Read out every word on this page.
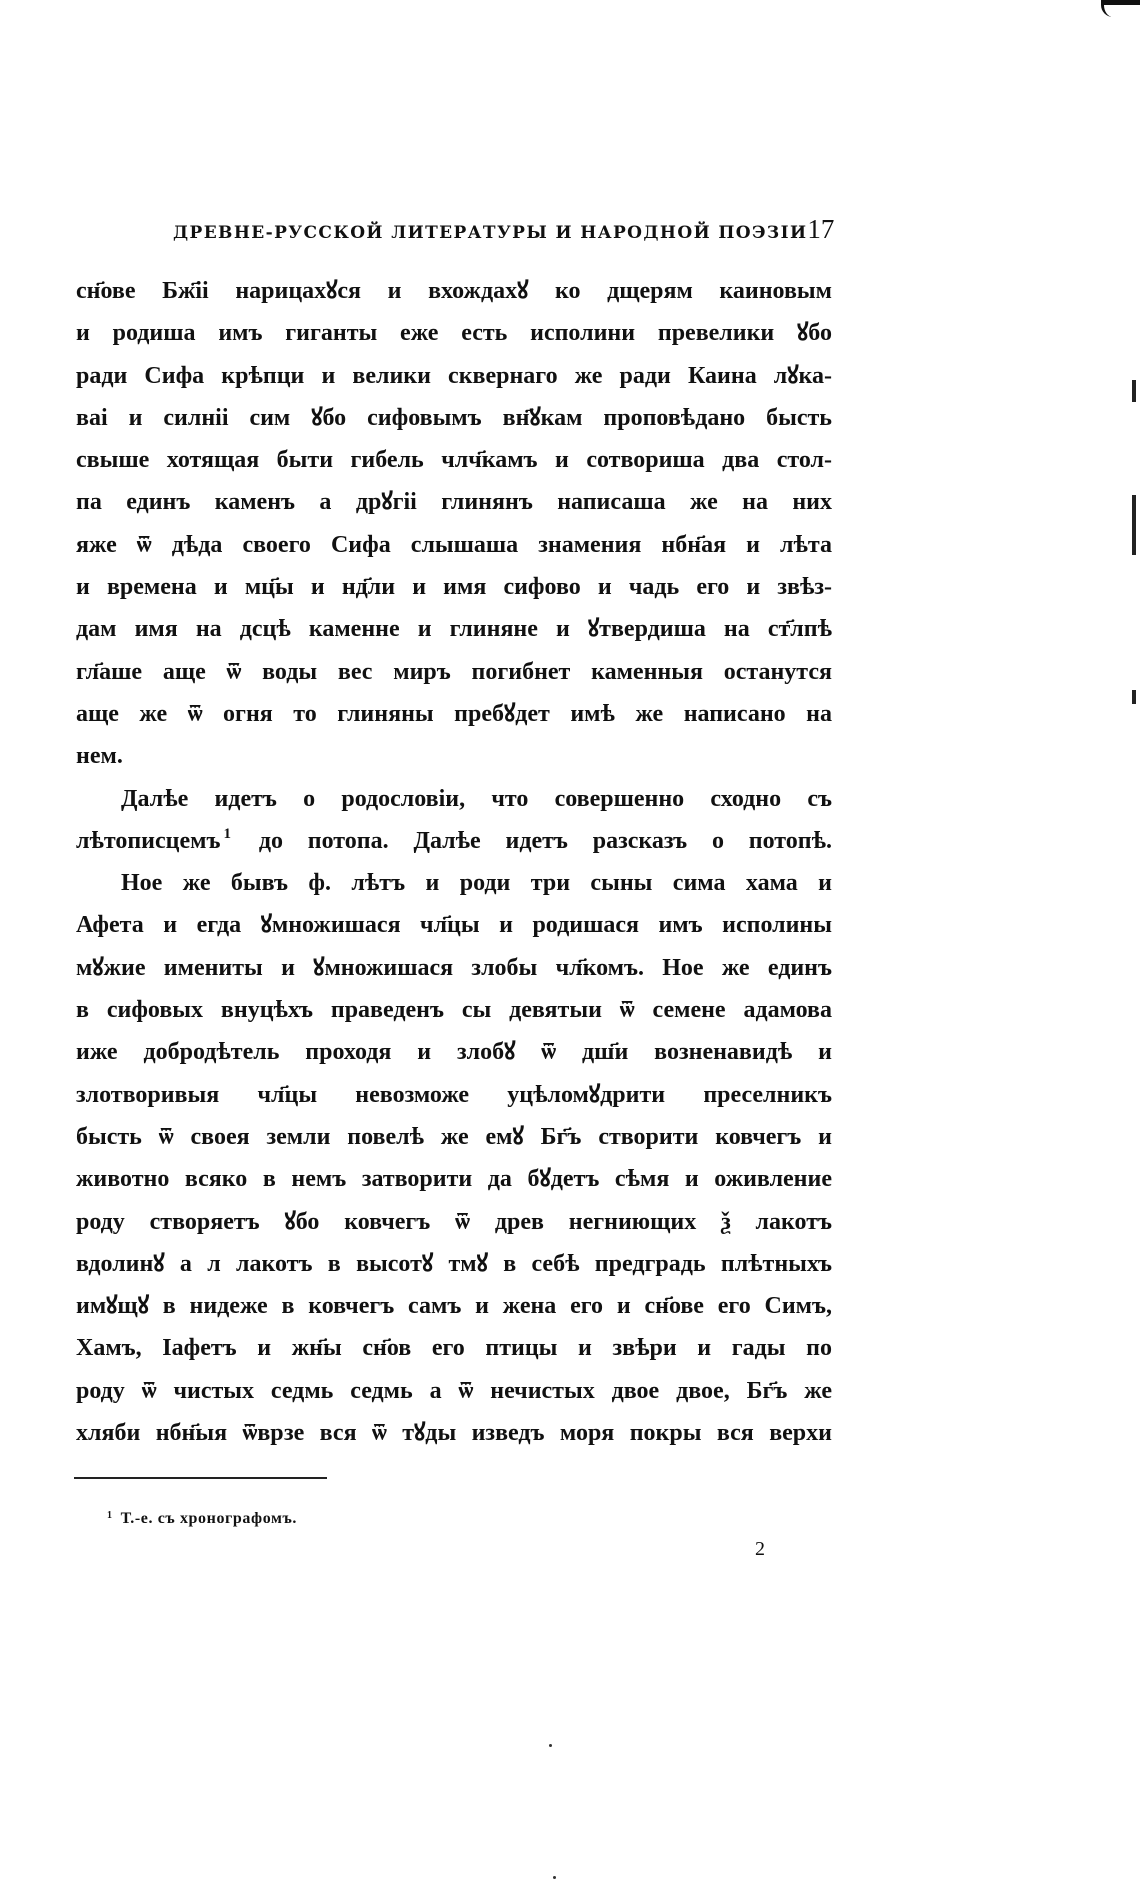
ДРЕВНЕ-РУССКОЙ ЛИТЕРАТУРЫ И НАРОДНОЙ ПОЭЗІИ 17
сн҃ове Бж҃іі нарицахꙋся и вхождахꙋ ко дщерям каиновым
и родиша имъ гиганты еже есть исполини превелики ꙋбо
ради Сифа крѣпци и велики сквернаго же ради Каина лꙋка-
ваі и силніі сим ꙋбо сифовымъ вн҃ꙋкам проповѣдано бысть
свыше хотящая быти гибель члч҃камъ и сотвориша два стол-
па единъ каменъ а дрꙋгіі глинянъ написаша же на них
яже ѿ дѣда своего Сифа слышаша знамения нбн҃ая и лѣта
и времена и мц҃ы и нд҃ли и имя сифово и чадь его и звѣз-
дам имя на дсцѣ каменне и глиняне и ꙋтвердиша на ст҃лпѣ
гл҃аше аще ѿ воды вес миръ погибнет каменныя останутся
аще же ѿ огня то глиняны пребꙋдет имѣ же написано на
нем.
Далѣе идетъ о родословіи, что совершенно сходно съ
лѣтописцемъ $^1$ до потопа. Далѣе идетъ разсказъ о потопѣ.
Ное же бывъ ф. лѣтъ и роди три сыны сима хама и
Афета и егда ꙋмножишася чл҃цы и родишася имъ исполины
мꙋжие имениты и ꙋмножишася злобы чл҃комъ. Ное же единъ
в сифовых внуцѣхъ праведенъ сы девятыи ѿ семене адамова
иже добродѣтель проходя и злобꙋ ѿ дш҃и возненавидѣ и
злотворивыя чл҃цы невозможе уцѣломꙋдрити преселникъ
бысть ѿ своея земли повелѣ же емꙋ Бг҃ъ створити ковчегъ и
животно всяко в немъ затворити да бꙋдетъ сѣмя и оживление
роду створяетъ ꙋбо ковчегъ ѿ древ негниющих ѯ лакотъ
вдолинꙋ а л лакотъ в высотꙋ тмꙋ в себѣ предградь плѣтныхъ
имꙋщꙋ в нидеже в ковчегъ самъ и жена его и сн҃ове его Симъ,
Хамъ, Іафетъ и жн҃ы сн҃ов его птицы и звѣри и гады по
роду ѿ чистых седмь седмь а ѿ нечистых двое двое, Бг҃ъ же
хляби нбн҃ыя ѿврзе вся ѿ тꙋды изведъ моря покры вся верхи
$^1$ Т.-е. съ хронографомъ.
2
